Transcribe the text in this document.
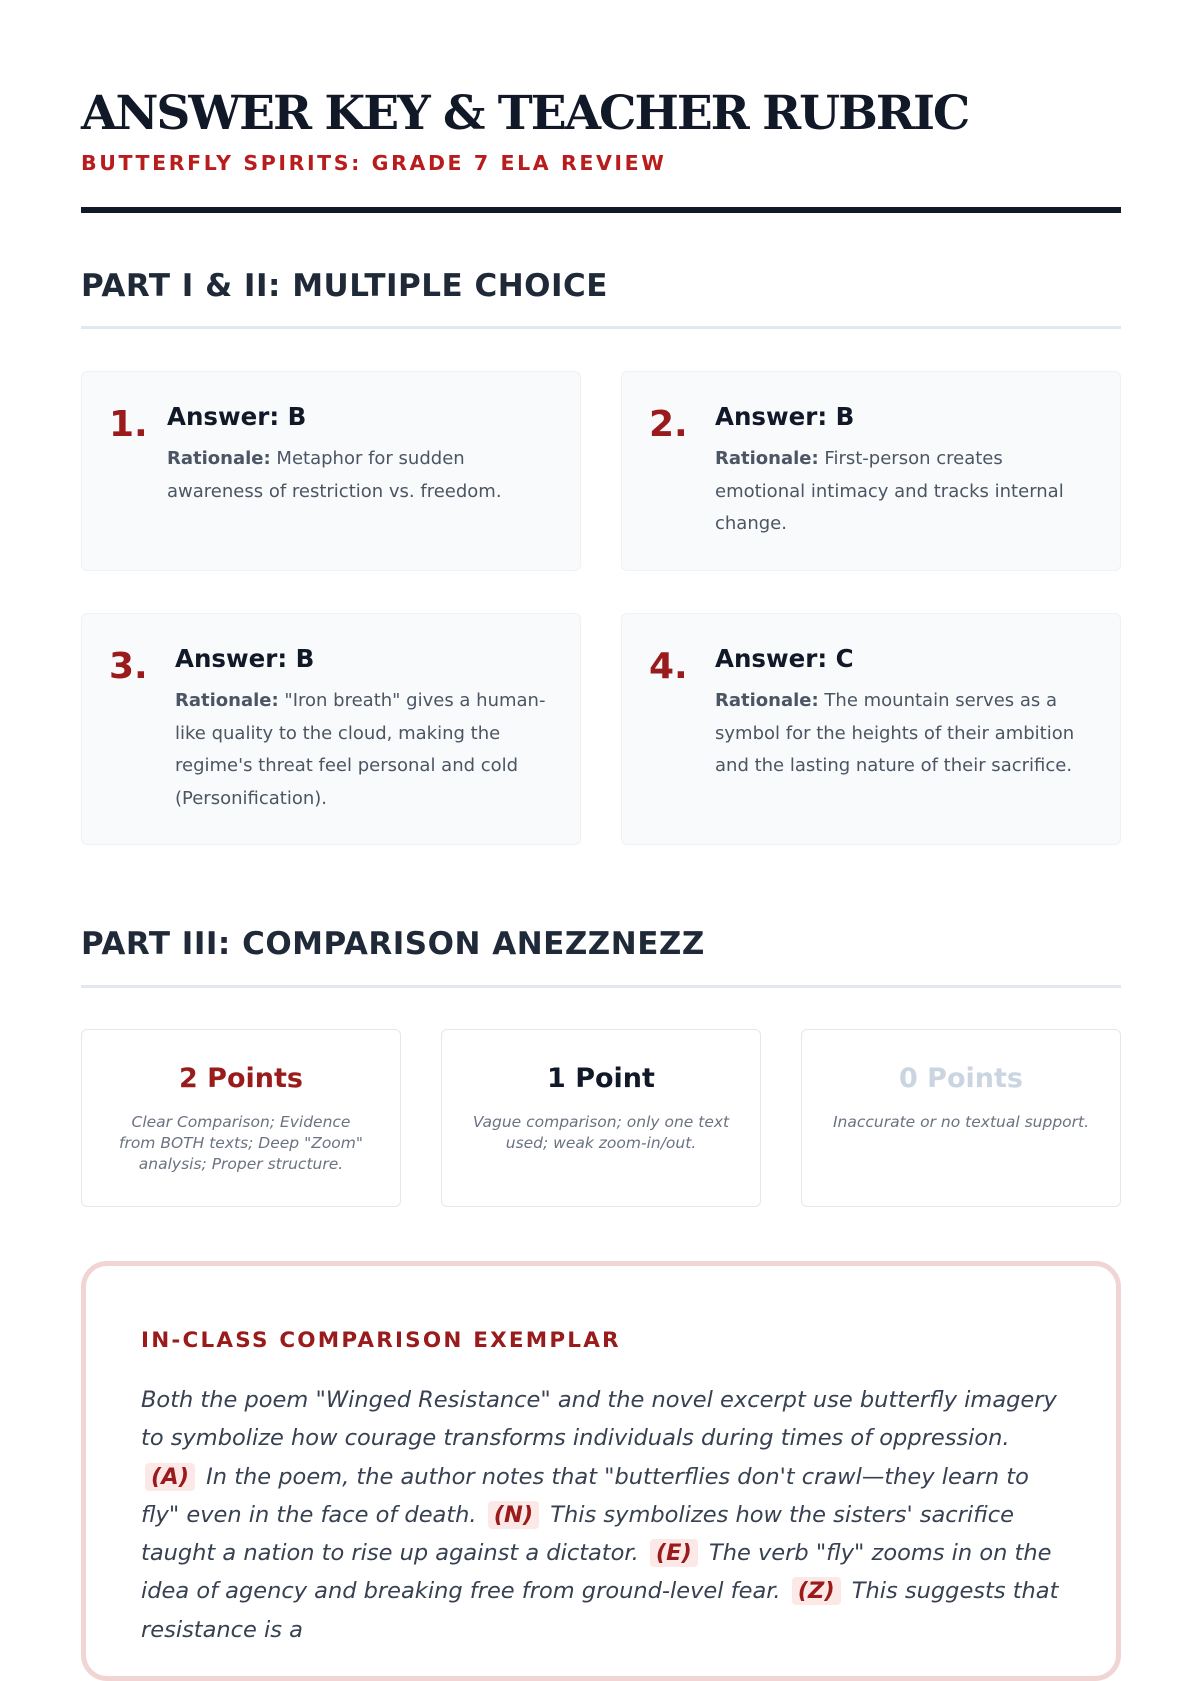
ANSWER KEY & TEACHER RUBRIC
BUTTERFLY SPIRITS: GRADE 7 ELA REVIEW
PART I & II: MULTIPLE CHOICE
1. Answer: B
Rationale: Metaphor for sudden awareness of restriction vs. freedom.
2. Answer: B
Rationale: First-person creates emotional intimacy and tracks internal change.
3. Answer: B
Rationale: "Iron breath" gives a human-like quality to the cloud, making the regime's threat feel personal and cold (Personification).
4. Answer: C
Rationale: The mountain serves as a symbol for the heights of their ambition and the lasting nature of their sacrifice.
PART III: COMPARISON ANEZZNEZZ
2 Points
Clear Comparison; Evidence from BOTH texts; Deep "Zoom" analysis; Proper structure.
1 Point
Vague comparison; only one text used; weak zoom-in/out.
0 Points
Inaccurate or no textual support.
IN-CLASS COMPARISON EXEMPLAR

Both the poem "Winged Resistance" and the novel excerpt use butterfly imagery to symbolize how courage transforms individuals during times of oppression. (A) In the poem, the author notes that "butterflies don't crawl—they learn to fly" even in the face of death. (N) This symbolizes how the sisters' sacrifice taught a nation to rise up against a dictator. (E) The verb "fly" zooms in on the idea of agency and breaking free from ground-level fear. (Z) This suggests that resistance is a
